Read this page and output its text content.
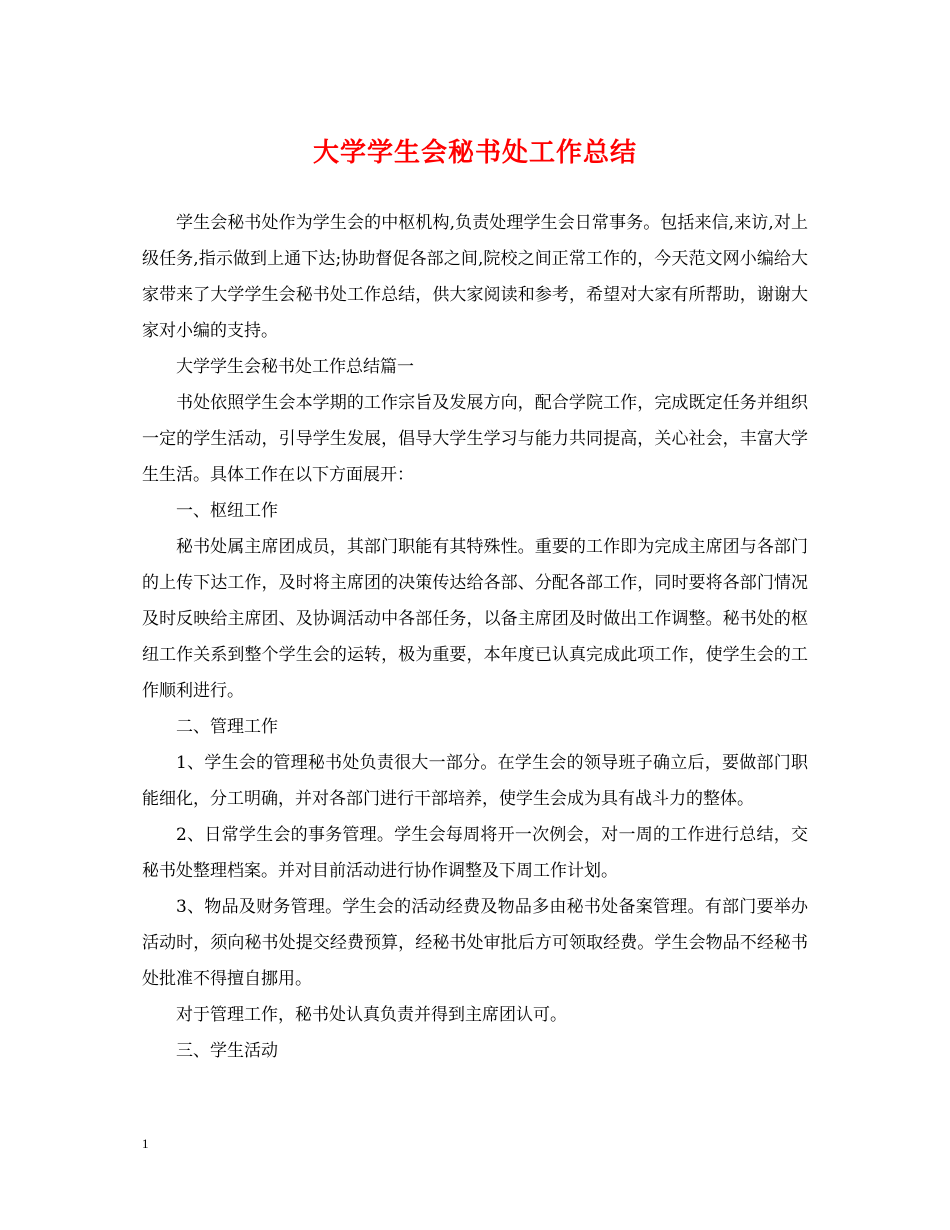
大学学生会秘书处工作总结

学生会秘书处作为学生会的中枢机构,负责处理学生会日常事务。包括来信,来访,对上级任务,指示做到上通下达;协助督促各部之间,院校之间正常工作的，今天范文网小编给大家带来了大学学生会秘书处工作总结，供大家阅读和参考，希望对大家有所帮助，谢谢大家对小编的支持。

大学学生会秘书处工作总结篇一

书处依照学生会本学期的工作宗旨及发展方向，配合学院工作，完成既定任务并组织一定的学生活动，引导学生发展，倡导大学生学习与能力共同提高，关心社会，丰富大学生生活。具体工作在以下方面展开：

一、枢纽工作

秘书处属主席团成员，其部门职能有其特殊性。重要的工作即为完成主席团与各部门的上传下达工作，及时将主席团的决策传达给各部、分配各部工作，同时要将各部门情况及时反映给主席团、及协调活动中各部任务，以备主席团及时做出工作调整。秘书处的枢纽工作关系到整个学生会的运转，极为重要，本年度已认真完成此项工作，使学生会的工作顺利进行。

二、管理工作

1、学生会的管理秘书处负责很大一部分。在学生会的领导班子确立后，要做部门职能细化，分工明确，并对各部门进行干部培养，使学生会成为具有战斗力的整体。

2、日常学生会的事务管理。学生会每周将开一次例会，对一周的工作进行总结，交秘书处整理档案。并对目前活动进行协作调整及下周工作计划。

3、物品及财务管理。学生会的活动经费及物品多由秘书处备案管理。有部门要举办活动时，须向秘书处提交经费预算，经秘书处审批后方可领取经费。学生会物品不经秘书处批准不得擅自挪用。

对于管理工作，秘书处认真负责并得到主席团认可。

三、学生活动

1
